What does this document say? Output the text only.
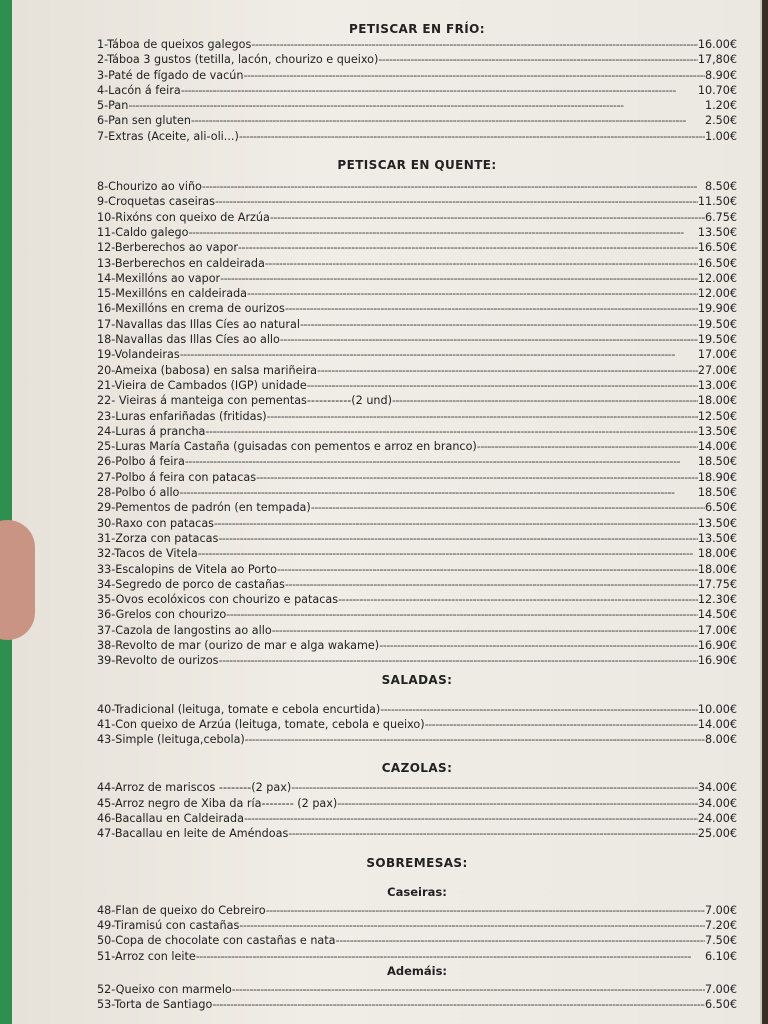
PETISCAR EN FRÍO:
1-Táboa de queixos galegos -----	16.00€
2-Táboa 3 gustos (tetilla, lacón, chourizo e queixo) -----	17,80€
3-Paté de fígado de vacún -----	8.90€
4-Lacón á feira -----	10.70€
5-Pan -----	1.20€
6-Pan sen gluten -----	2.50€
7-Extras (Aceite, ali-oli...) -----	1.00€
PETISCAR EN QUENTE:
8-Chourizo ao viño -----	8.50€
9-Croquetas caseiras -----	11.50€
10-Rixóns con queixo de Arzúa -----	6.75€
11-Caldo galego -----	13.50€
12-Berberechos ao vapor -----	16.50€
13-Berberechos en caldeirada -----	16.50€
14-Mexillóns ao vapor -----	12.00€
15-Mexillóns en caldeirada -----	12.00€
16-Mexillóns en crema de ourizos -----	19.90€
17-Navallas das Illas Cíes ao natural -----	19.50€
18-Navallas das Illas Cíes ao allo -----	19.50€
19-Volandeiras -----	17.00€
20-Ameixa (babosa) en salsa mariñeira -----	27.00€
21-Vieira de Cambados (IGP) unidade -----	13.00€
22- Vieiras á manteiga con pementas-----------(2 und) -----	18.00€
23-Luras enfariñadas (fritidas) -----	12.50€
24-Luras á prancha -----	13.50€
25-Luras María Castaña (guisadas con pementos e arroz en branco) -----	14.00€
26-Polbo á feira -----	18.50€
27-Polbo á feira con patacas -----	18.90€
28-Polbo ó allo -----	18.50€
29-Pementos de padrón (en tempada) -----	6.50€
30-Raxo con patacas -----	13.50€
31-Zorza con patacas -----	13.50€
32-Tacos de Vitela -----	18.00€
33-Escalopins de Vitela ao Porto -----	18.00€
34-Segredo de porco de castañas -----	17.75€
35-Ovos ecolóxicos con chourizo e patacas -----	12.30€
36-Grelos con chourizo -----	14.50€
37-Cazola de langostins ao allo -----	17.00€
38-Revolto de mar (ourizo de mar e alga wakame) -----	16.90€
39-Revolto de ourizos -----	16.90€
SALADAS:
40-Tradicional (leituga, tomate e cebola encurtida) -----	10.00€
41-Con queixo de Arzúa (leituga, tomate, cebola e queixo) -----	14.00€
43-Simple (leituga,cebola) -----	8.00€
CAZOLAS:
44-Arroz de mariscos --------(2 pax) -----	34.00€
45-Arroz negro de Xiba da ría-------- (2 pax) -----	34.00€
46-Bacallau en Caldeirada -----	24.00€
47-Bacallau en leite de Améndoas -----	25.00€
SOBREMESAS:
Caseiras:
48-Flan de queixo do Cebreiro -----	7.00€
49-Tiramisú con castañas -----	7.20€
50-Copa de chocolate con castañas e nata -----	7.50€
51-Arroz con leite -----	6.10€
Ademáis:
52-Queixo con marmelo -----	7.00€
53-Torta de Santiago -----	6.50€
